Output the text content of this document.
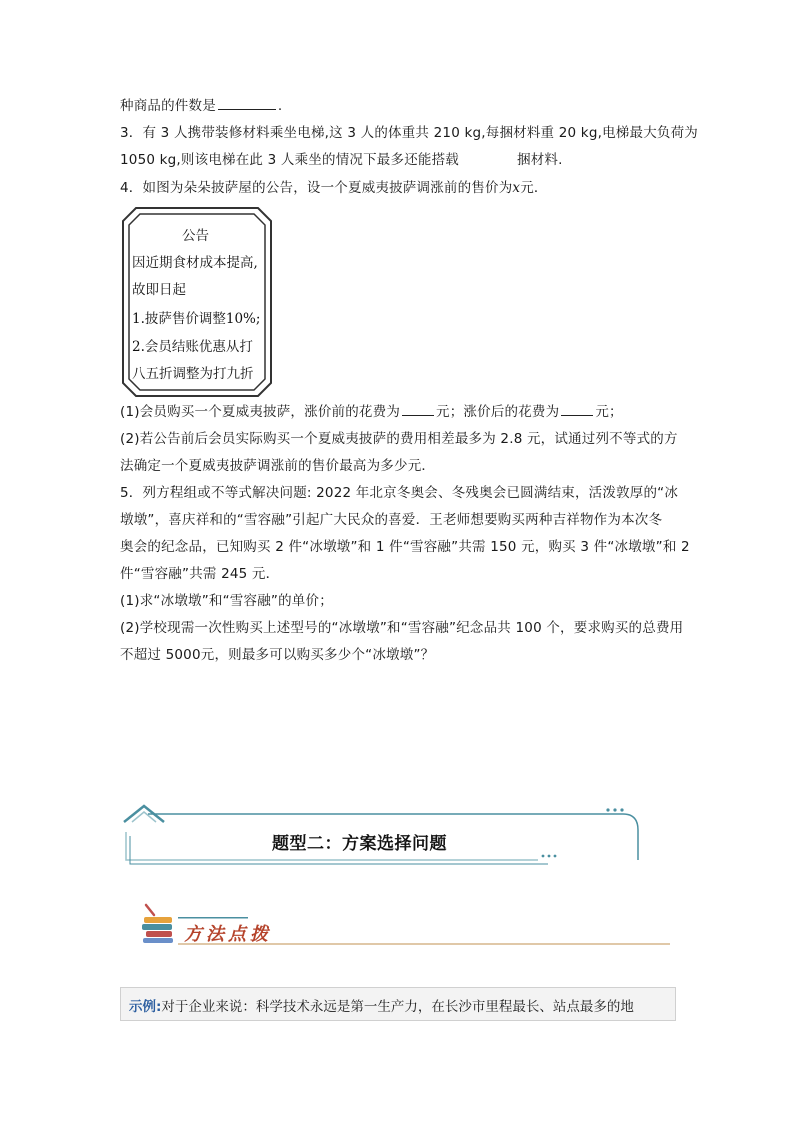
种商品的件数是	.
3．有 3 人携带装修材料乘坐电梯,这 3 人的体重共 210 kg,每捆材料重 20 kg,电梯最大负荷为
1050 kg,则该电梯在此 3 人乘坐的情况下最多还能搭载	捆材料.
4．如图为朵朵披萨屋的公告，设一个夏威夷披萨调涨前的售价为x元．
公告
因近期食材成本提高,
故即日起
1.披萨售价调整10%;
2.会员结账优惠从打
八五折调整为打九折
(1)会员购买一个夏威夷披萨，涨价前的花费为	元；涨价后的花费为	元；
(2)若公告前后会员实际购买一个夏威夷披萨的费用相差最多为 2.8 元，试通过列不等式的方
法确定一个夏威夷披萨调涨前的售价最高为多少元．
5．列方程组或不等式解决问题: 2022 年北京冬奥会、冬残奥会已圆满结束，活泼敦厚的“冰
墩墩”，喜庆祥和的“雪容融”引起广大民众的喜爱．王老师想要购买两种吉祥物作为本次冬
奥会的纪念品，已知购买 2 件“冰墩墩”和 1 件“雪容融”共需 150 元，购买 3 件“冰墩墩”和 2
件“雪容融”共需 245 元．
(1)求“冰墩墩”和“雪容融”的单价；
(2)学校现需一次性购买上述型号的“冰墩墩”和“雪容融”纪念品共 100 个，要求购买的总费用
不超过 5000元，则最多可以购买多少个“冰墩墩”？
题型二：方案选择问题
方法点拨
示例:对于企业来说：科学技术永远是第一生产力，在长沙市里程最长、站点最多的地
